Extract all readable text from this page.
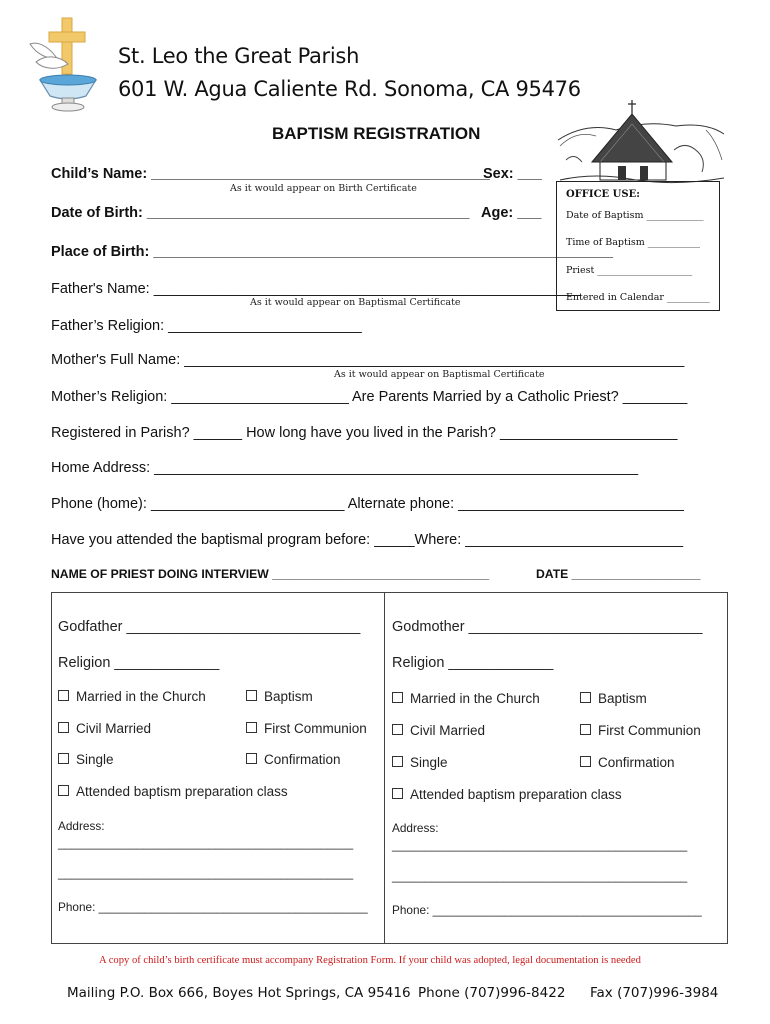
St. Leo the Great Parish
601 W. Agua Caliente Rd. Sonoma, CA 95476
BAPTISM REGISTRATION
Child’s Name: __________________________________________
Sex: ___
As it would appear on Birth Certificate
Date of Birth: ________________________________________ Age: ___
Place of Birth: _________________________________________________________
Father's Name: _____________________________________________________
As it would appear on Baptismal Certificate
Father’s Religion: ________________________
Mother's Full Name: ______________________________________________________________
As it would appear on Baptismal Certificate
Mother’s Religion: ______________________ Are Parents Married by a Catholic Priest? ________
Registered in Parish? ______ How long have you lived in the Parish? ______________________
Home Address: ____________________________________________________________
Phone (home): ________________________ Alternate phone: ____________________________
Have you attended the baptismal program before: _____Where: ___________________________
OFFICE USE:
Date of Baptism ____________
Time of Baptism ___________
Priest ____________________
Entered in Calendar _________
NAME OF PRIEST DOING INTERVIEW ________________________________	DATE ___________________
Godfather _____________________________
Religion _____________
Married in the Church	Baptism
Civil Married	First Communion
Single	Confirmation
Attended baptism preparation class
Address:
_____________________________________________
_____________________________________________
Phone: _________________________________________
Godmother _____________________________
Religion _____________
Married in the Church	Baptism
Civil Married	First Communion
Single	Confirmation
Attended baptism preparation class
Address:
_____________________________________________
_____________________________________________
Phone: _________________________________________
A copy of child’s birth certificate must accompany Registration Form. If your child was adopted, legal documentation is needed
Mailing P.O. Box 666, Boyes Hot Springs, CA 95416 Phone (707)996-8422 Fax (707)996-3984
